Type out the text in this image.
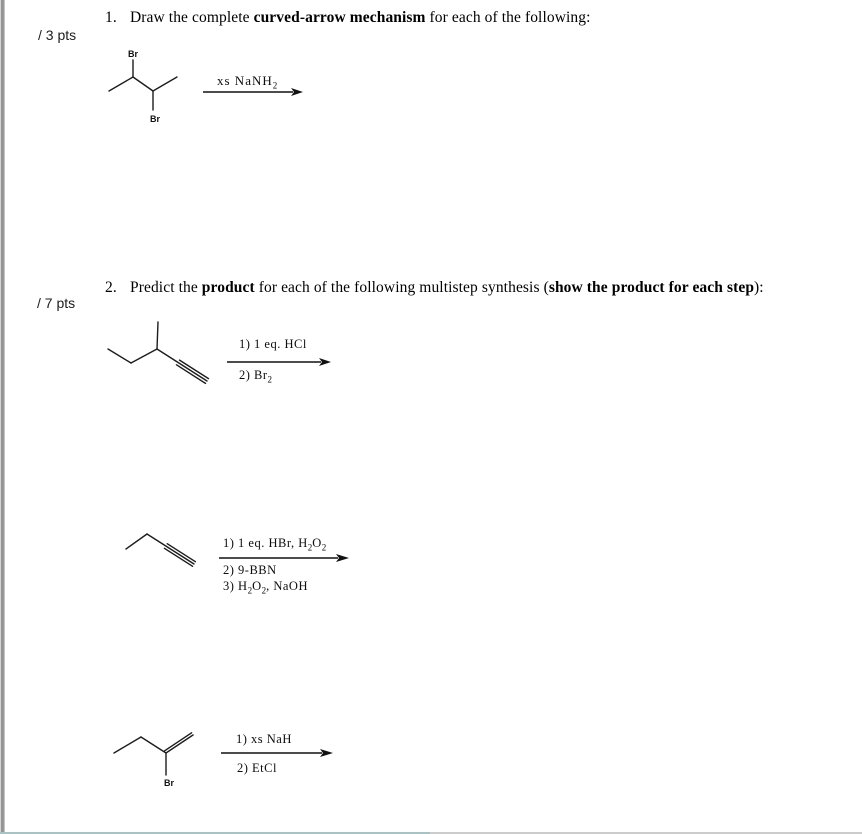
1. Draw the complete curved-arrow mechanism for each of the following:
/ 3 pts
Br
Br
xs NaNH$_2$
2. Predict the product for each of the following multistep synthesis (show the product for each step):
/ 7 pts
1) 1 eq. HCl
2) $Br_2$
1) 1 eq. HBr, $H_2O_2$
2) 9-BBN
3) $H_2O_2$, NaOH
Br
1) xs NaH
2) EtCl
